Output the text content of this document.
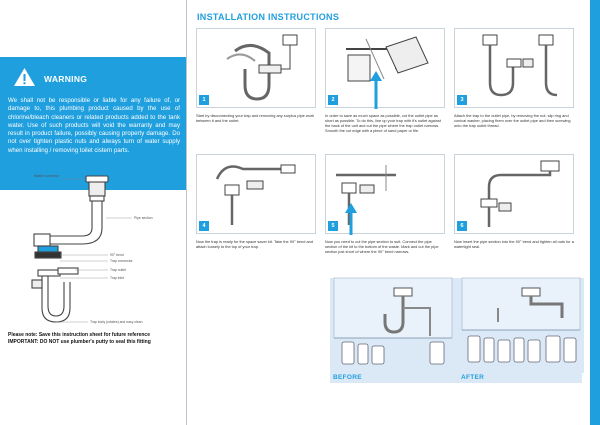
WARNING
We shall not be responsible or liable for any failure of, or damage to, this plumbing product caused by the use of chlorine/bleach cleaners or related products added to the tank water. Use of such products will void the warranty and may result in product failure, possibly causing property damage. Do not over tighten plastic nuts and always turn of water supply when installing / removing toilet cistern parts.
Waste connector
Pipe section
90° bend
Trap connector
Trap outlet
Trap inlet
Trap body (rotates) and easy clean
Please note: Save this instruction sheet for future reference
IMPORTANT: DO NOT use plumber's putty to seal this fitting
INSTALLATION INSTRUCTIONS
1
Start by disconnecting your trap and removing any surplus pipe work between it and the outlet.
2
In order to save as much space as possible, cut the outlet pipe as short as possible. To do this, line up your trap with it's outlet against the back of the unit and cut the pipe where the trap outlet narrows. Smooth the cut edge with a piece of sand paper or file.
3
Attach the trap to the outlet pipe, by removing the nut, slip ring and conical washer, placing them over the outlet pipe and then screwing onto the trap outlet thread.
4
Now the trap is ready for the space saver kit. Take the 90° bend and attach loosely to the top of your trap.
5
Now you need to cut the pipe section to suit. Connect the pipe section of the kit to the bottom of the waste. Mark and cut the pipe section just short of where the 90° bend narrows.
6
Now insert the pipe section into the 90° bend and tighten all nuts for a watertight seal.
BEFORE	AFTER
